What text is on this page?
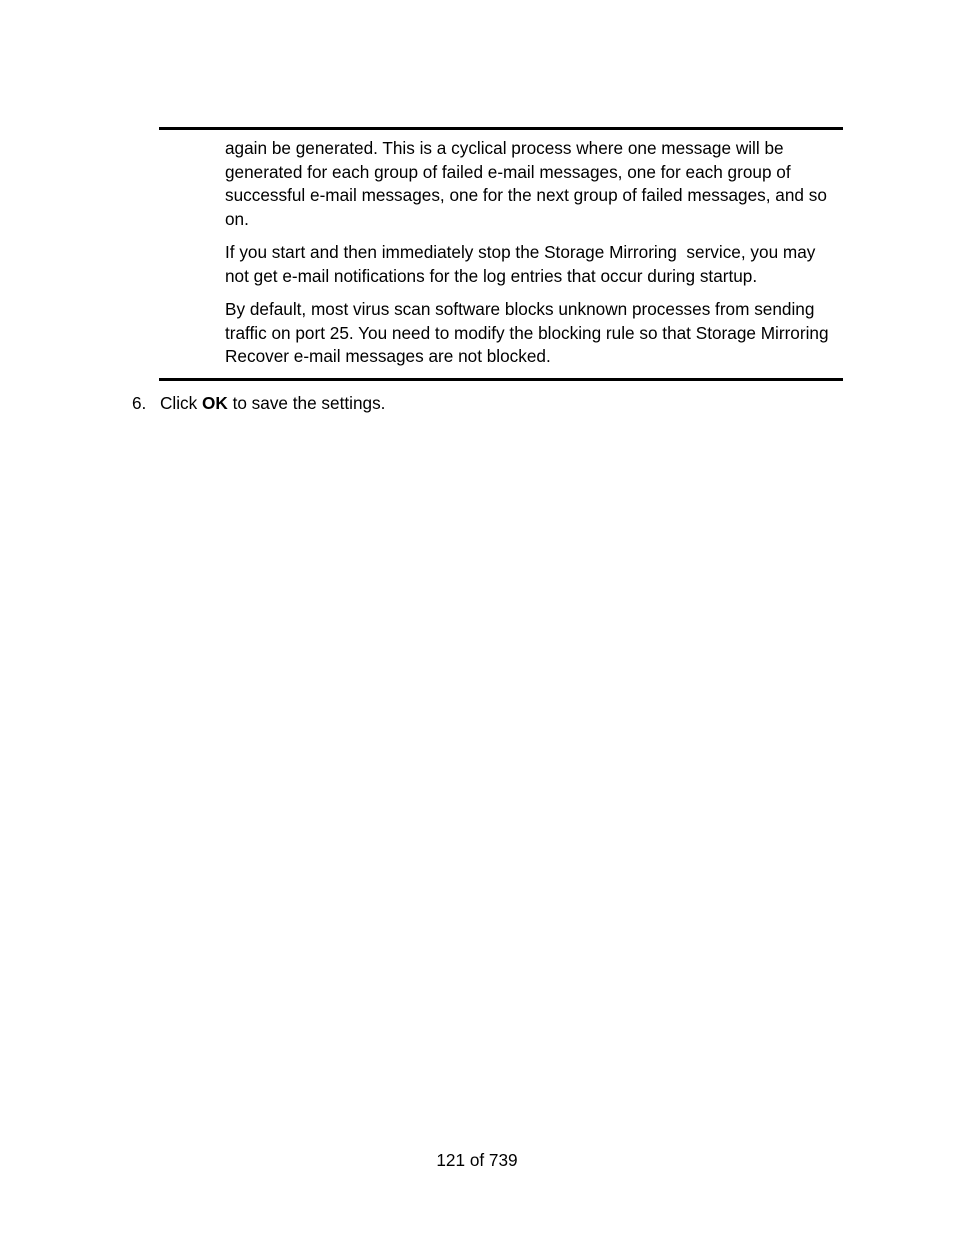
again be generated. This is a cyclical process where one message will be generated for each group of failed e-mail messages, one for each group of successful e-mail messages, one for the next group of failed messages, and so on.

If you start and then immediately stop the Storage Mirroring  service, you may not get e-mail notifications for the log entries that occur during startup.

By default, most virus scan software blocks unknown processes from sending traffic on port 25. You need to modify the blocking rule so that Storage Mirroring Recover e-mail messages are not blocked.

6. Click OK to save the settings.
121 of 739
